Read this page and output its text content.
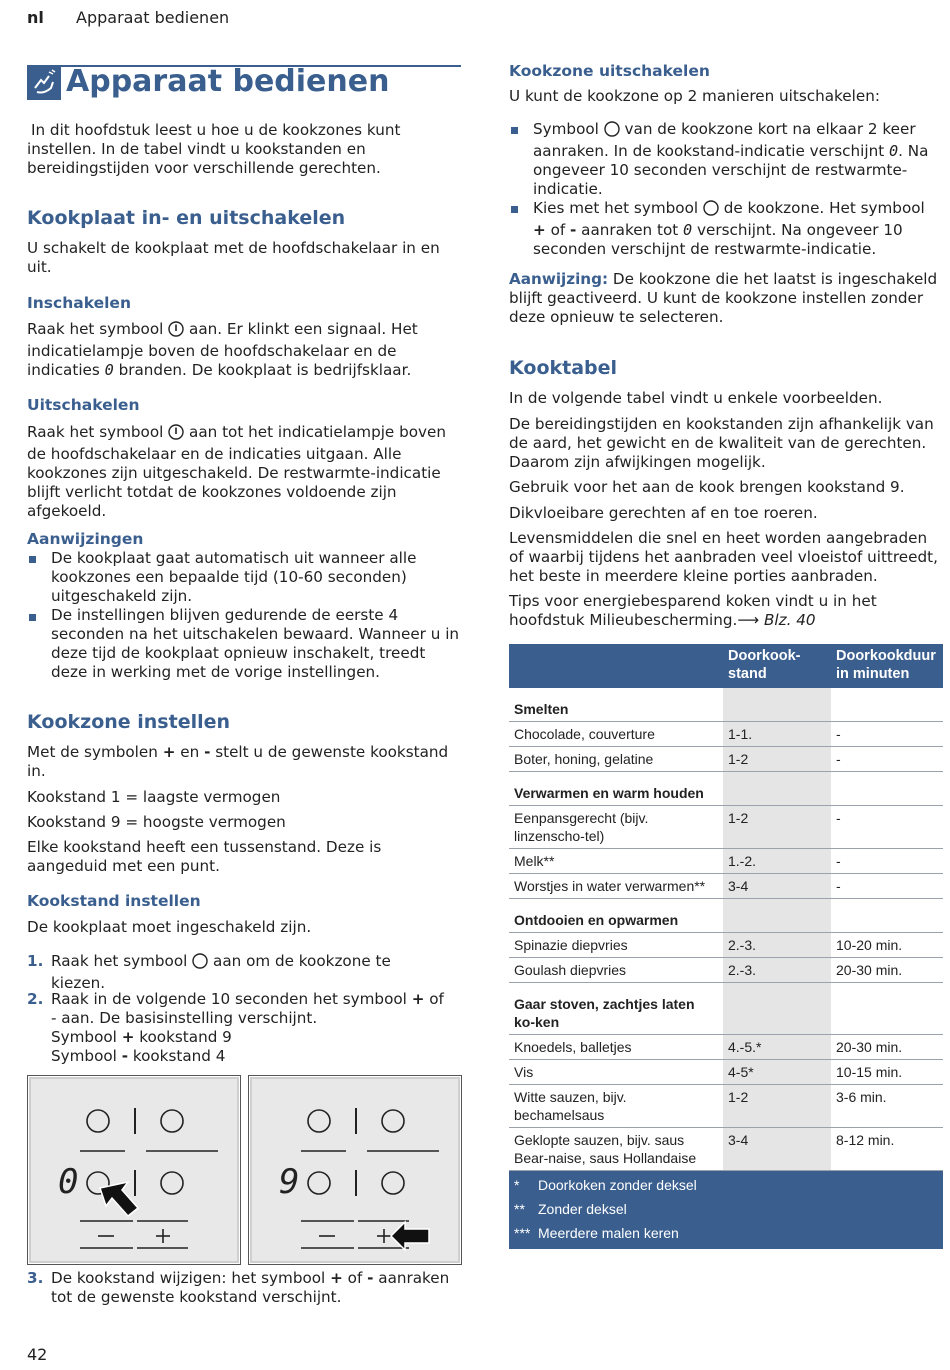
nl Apparaat bedienen
Apparaat bedienen
In dit hoofdstuk leest u hoe u de kookzones kunt instellen. In de tabel vindt u kookstanden en bereidingstijden voor verschillende gerechten.
Kookplaat in- en uitschakelen
U schakelt de kookplaat met de hoofdschakelaar in en uit.
Inschakelen
Raak het symbool aan. Er klinkt een signaal. Het
indicatielampje boven de hoofdschakelaar en de
indicaties 0 branden. De kookplaat is bedrijfsklaar.
Uitschakelen
Raak het symbool aan tot het indicatielampje boven de hoofdschakelaar en de indicaties uitgaan. Alle kookzones zijn uitgeschakeld. De restwarmte-indicatie blijft verlicht totdat de kookzones voldoende zijn afgekoeld.
Aanwijzingen
De kookplaat gaat automatisch uit wanneer alle kookzones een bepaalde tijd (10-60 seconden) uitgeschakeld zijn.
De instellingen blijven gedurende de eerste 4 seconden na het uitschakelen bewaard. Wanneer u in deze tijd de kookplaat opnieuw inschakelt, treedt deze in werking met de vorige instellingen.
Kookzone instellen
Met de symbolen + en - stelt u de gewenste kookstand in.
Kookstand 1 = laagste vermogen
Kookstand 9 = hoogste vermogen
Elke kookstand heeft een tussenstand. Deze is aangeduid met een punt.
Kookstand instellen
De kookplaat moet ingeschakeld zijn.
1. Raak het symbool aan om de kookzone te
kiezen.
2. Raak in de volgende 10 seconden het symbool + of
- aan. De basisinstelling verschijnt.
Symbool + kookstand 9
Symbool - kookstand 4
0	9
3. De kookstand wijzigen: het symbool + of - aanraken
tot de gewenste kookstand verschijnt.
42
Kookzone uitschakelen
U kunt de kookzone op 2 manieren uitschakelen:
Symbool van de kookzone kort na elkaar 2 keer aanraken. In de kookstand-indicatie verschijnt 0. Na ongeveer 10 seconden verschijnt de restwarmte-indicatie.
Kies met het symbool de kookzone. Het symbool
+ of - aanraken tot 0 verschijnt. Na ongeveer 10
seconden verschijnt de restwarmte-indicatie.
Aanwijzing: De kookzone die het laatst is ingeschakeld blijft geactiveerd. U kunt de kookzone instellen zonder deze opnieuw te selecteren.
Kooktabel
In de volgende tabel vindt u enkele voorbeelden.
De bereidingstijden en kookstanden zijn afhankelijk van de aard, het gewicht en de kwaliteit van de gerechten. Daarom zijn afwijkingen mogelijk.
Gebruik voor het aan de kook brengen kookstand 9.
Dikvloeibare gerechten af en toe roeren.
Levensmiddelen die snel en heet worden aangebraden of waarbij tijdens het aanbraden veel vloeistof uittreedt, het beste in meerdere kleine porties aanbraden.
Tips voor energiebesparend koken vindt u in het hoofdstuk Milieubescherming.⟶ Blz. 40
	Doorkook-stand	Doorkookduur in minuten
Smelten		
Chocolade, couverture	1-1.	-
Boter, honing, gelatine	1-2	-
Verwarmen en warm houden		
Eenpansgerecht (bijv. linzenscho-tel)	1-2	-
Melk**	1.-2.	-
Worstjes in water verwarmen**	3-4	-
Ontdooien en opwarmen		
Spinazie diepvries	2.-3.	10-20 min.
Goulash diepvries	2.-3.	20-30 min.
Gaar stoven, zachtjes laten ko-ken		
Knoedels, balletjes	4.-5.*	20-30 min.
Vis	4-5*	10-15 min.
Witte sauzen, bijv. bechamelsaus	1-2	3-6 min.
Geklopte sauzen, bijv. saus Bear-naise, saus Hollandaise	3-4	8-12 min.

* Doorkoken zonder deksel
** Zonder deksel
*** Meerdere malen keren		
